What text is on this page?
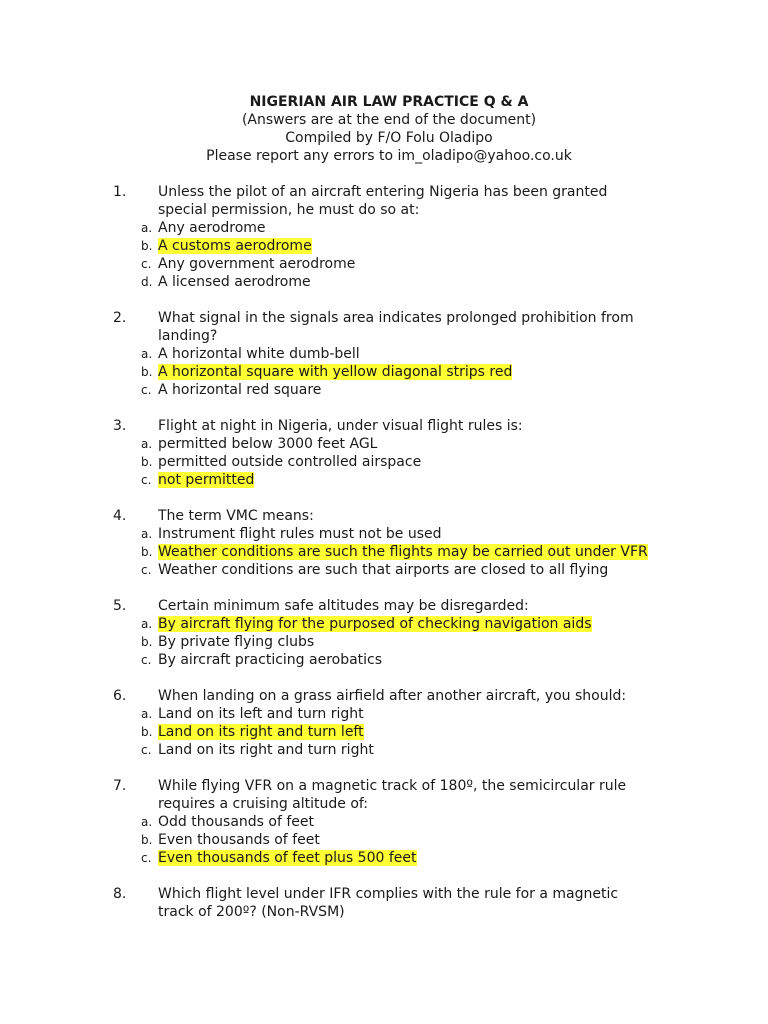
NIGERIAN AIR LAW PRACTICE Q & A
(Answers are at the end of the document)
Compiled by F/O Folu Oladipo
Please report any errors to im_oladipo@yahoo.co.uk
1. Unless the pilot of an aircraft entering Nigeria has been granted special permission, he must do so at:
a. Any aerodrome
b. A customs aerodrome
c. Any government aerodrome
d. A licensed aerodrome
2. What signal in the signals area indicates prolonged prohibition from landing?
a. A horizontal white dumb-bell
b. A horizontal square with yellow diagonal strips red
c. A horizontal red square
3. Flight at night in Nigeria, under visual flight rules is:
a. permitted below 3000 feet AGL
b. permitted outside controlled airspace
c. not permitted
4. The term VMC means:
a. Instrument flight rules must not be used
b. Weather conditions are such the flights may be carried out under VFR
c. Weather conditions are such that airports are closed to all flying
5. Certain minimum safe altitudes may be disregarded:
a. By aircraft flying for the purposed of checking navigation aids
b. By private flying clubs
c. By aircraft practicing aerobatics
6. When landing on a grass airfield after another aircraft, you should:
a. Land on its left and turn right
b. Land on its right and turn left
c. Land on its right and turn right
7. While flying VFR on a magnetic track of 180º, the semicircular rule requires a cruising altitude of:
a. Odd thousands of feet
b. Even thousands of feet
c. Even thousands of feet plus 500 feet
8. Which flight level under IFR complies with the rule for a magnetic track of 200º? (Non-RVSM)
